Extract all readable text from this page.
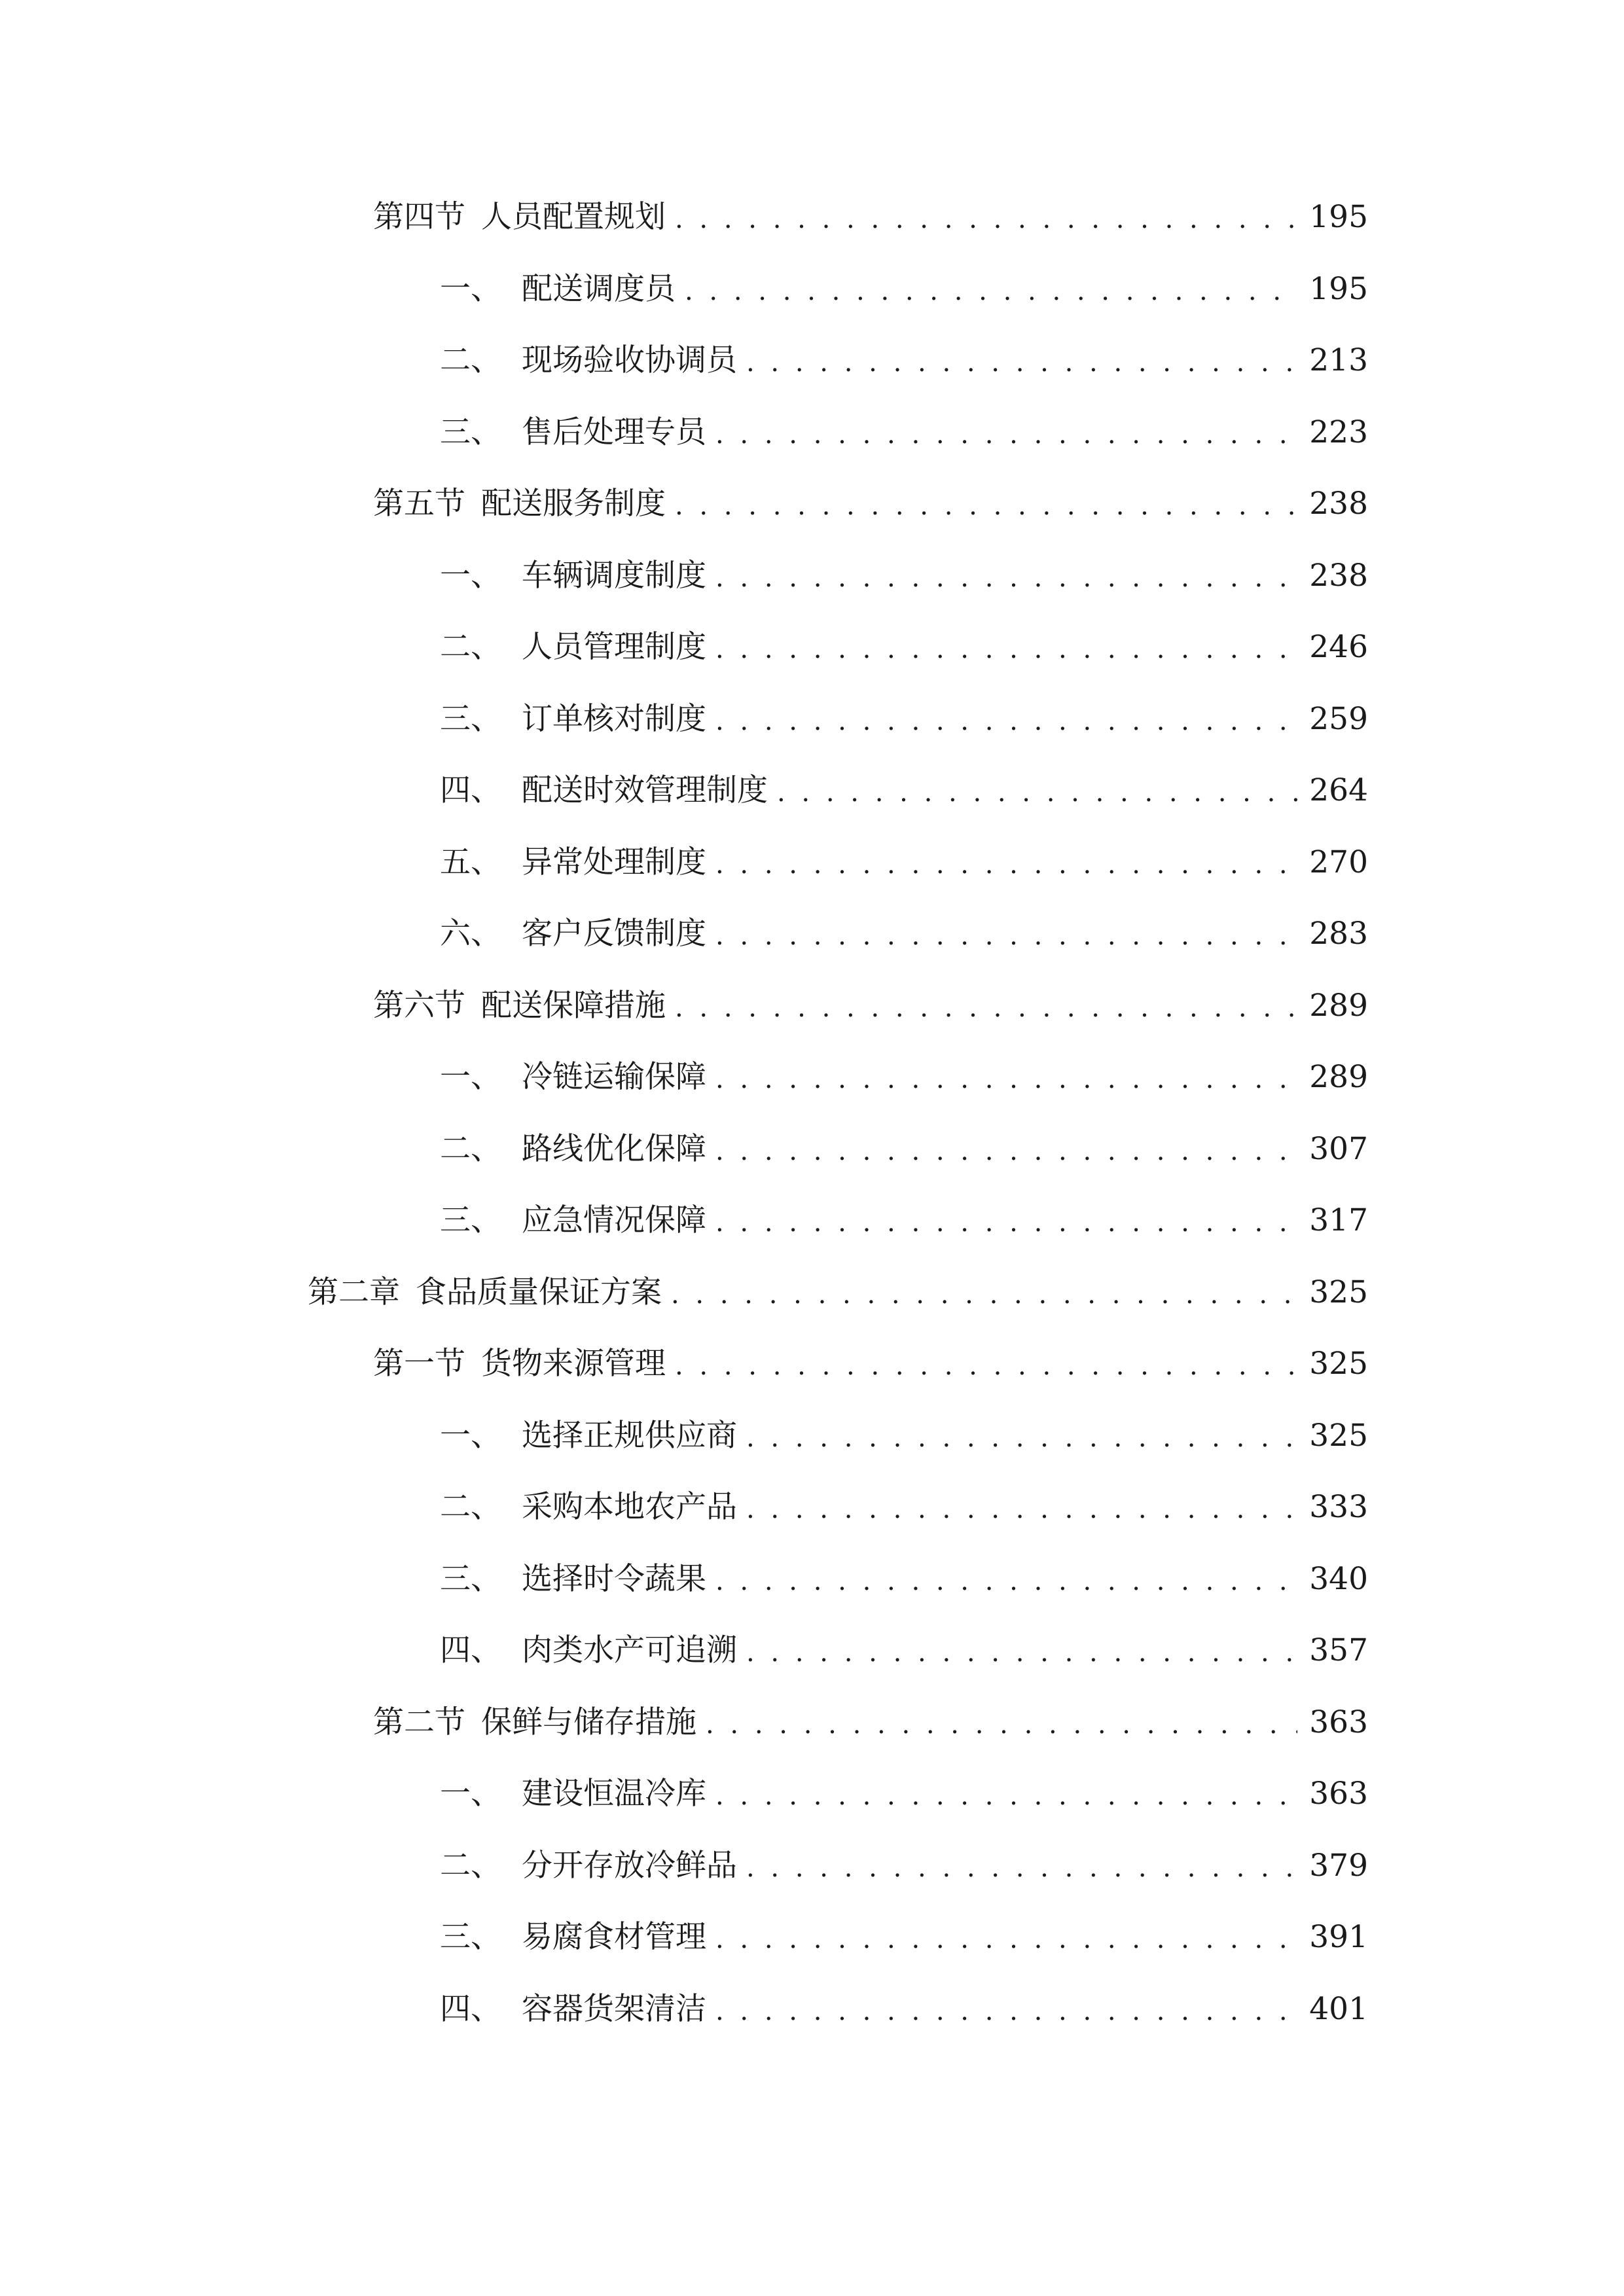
第四节 人员配置规划 . . .	195
一、 配送调度员 . . .	195
二、 现场验收协调员 . . .	213
三、 售后处理专员 . . .	223
第五节 配送服务制度 . . .	238
一、 车辆调度制度 . . .	238
二、 人员管理制度 . . .	246
三、 订单核对制度 . . .	259
四、 配送时效管理制度 . . .	264
五、 异常处理制度 . . .	270
六、 客户反馈制度 . . .	283
第六节 配送保障措施 . . .	289
一、 冷链运输保障 . . .	289
二、 路线优化保障 . . .	307
三、 应急情况保障 . . .	317
第二章 食品质量保证方案 . . .	325
第一节 货物来源管理 . . .	325
一、 选择正规供应商 . . .	325
二、 采购本地农产品 . . .	333
三、 选择时令蔬果 . . .	340
四、 肉类水产可追溯 . . .	357
第二节 保鲜与储存措施 . . .	363
一、 建设恒温冷库 . . .	363
二、 分开存放冷鲜品 . . .	379
三、 易腐食材管理 . . .	391
四、 容器货架清洁 . . .	401
